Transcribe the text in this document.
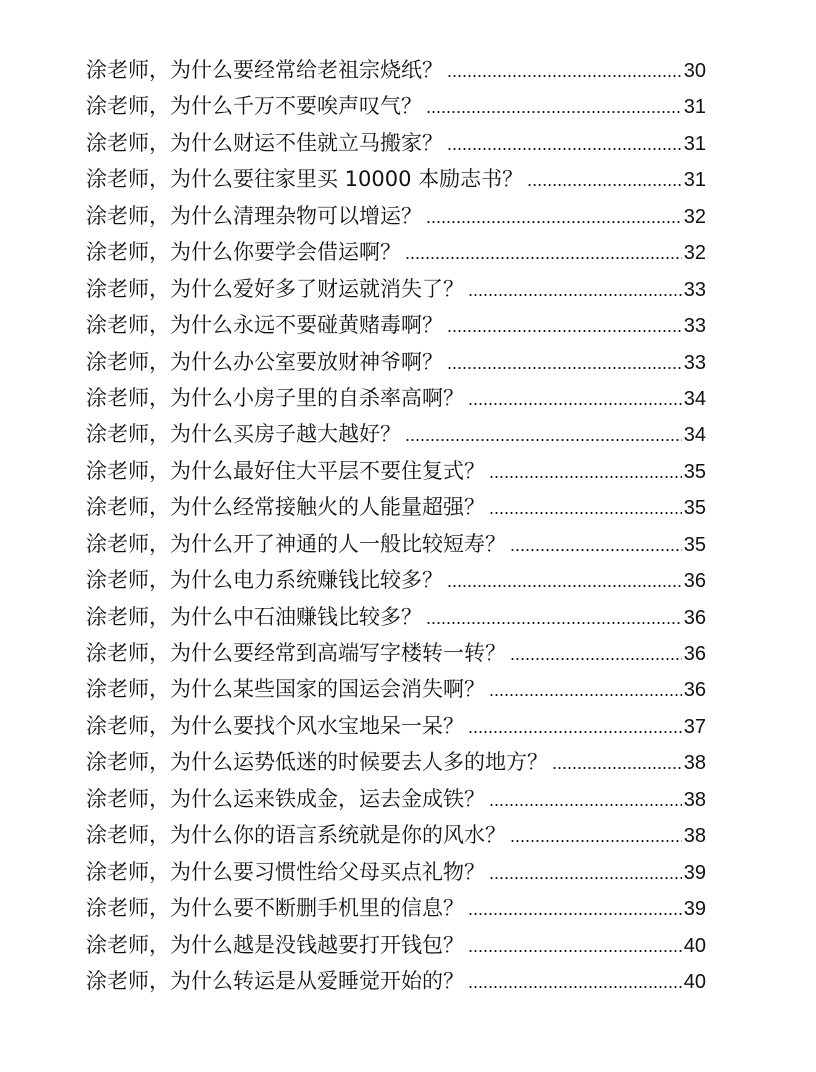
涂老师，为什么要经常给老祖宗烧纸？ .....	30
涂老师，为什么千万不要唉声叹气？ .....	31
涂老师，为什么财运不佳就立马搬家？ .....	31
涂老师，为什么要往家里买 10000 本励志书？ .....	31
涂老师，为什么清理杂物可以增运？ .....	32
涂老师，为什么你要学会借运啊？ .....	32
涂老师，为什么爱好多了财运就消失了？ .....	33
涂老师，为什么永远不要碰黄赌毒啊？ .....	33
涂老师，为什么办公室要放财神爷啊？ .....	33
涂老师，为什么小房子里的自杀率高啊？ .....	34
涂老师，为什么买房子越大越好？ .....	34
涂老师，为什么最好住大平层不要住复式？ .....	35
涂老师，为什么经常接触火的人能量超强？ .....	35
涂老师，为什么开了神通的人一般比较短寿？ .....	35
涂老师，为什么电力系统赚钱比较多？ .....	36
涂老师，为什么中石油赚钱比较多？ .....	36
涂老师，为什么要经常到高端写字楼转一转？ .....	36
涂老师，为什么某些国家的国运会消失啊？ .....	36
涂老师，为什么要找个风水宝地呆一呆？ .....	37
涂老师，为什么运势低迷的时候要去人多的地方？ .....	38
涂老师，为什么运来铁成金，运去金成铁？ .....	38
涂老师，为什么你的语言系统就是你的风水？ .....	38
涂老师，为什么要习惯性给父母买点礼物？ .....	39
涂老师，为什么要不断删手机里的信息？ .....	39
涂老师，为什么越是没钱越要打开钱包？ .....	40
涂老师，为什么转运是从爱睡觉开始的？ .....	40
